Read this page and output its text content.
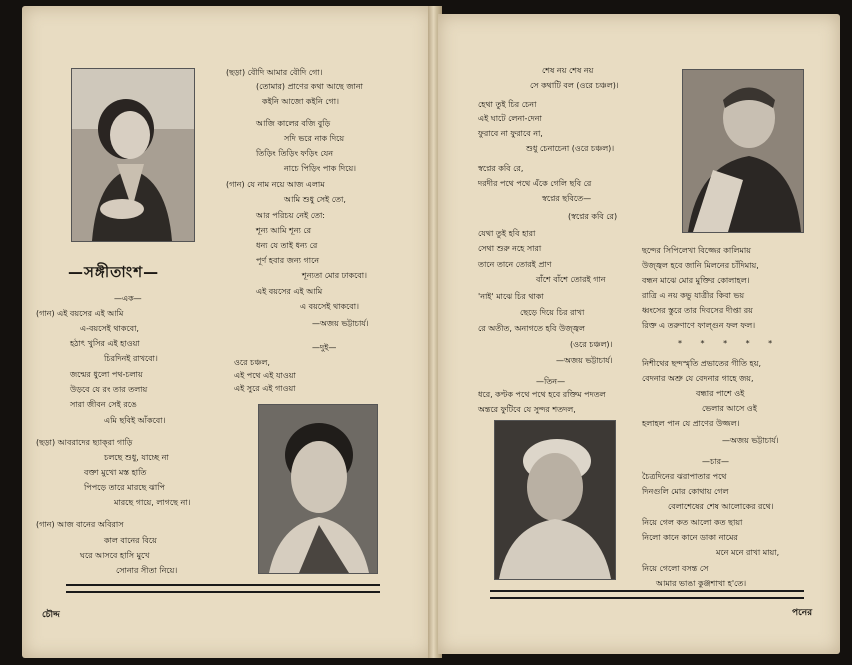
—সঙ্গীতাংশ—
(ছড়া) বৌদি আমার বৌদি গো।
(তোমার) প্রাণের কথা আছে জানা
কইনি আজো কইনি গো।
আজি কালের বজি বুড়ি
সদি ভরে নাক দিয়ে
তিড়িং তিড়িং ফড়িং যেন
নাচে পিড়িং পাক দিয়ে।
(গান) যে নাম নয়ে আজ এলাম
আমি শুধু সেই তো,
আর পরিচয় নেই তো:
শূন্য আমি শূন্য রে
ধন্য যে তাই ধন্য রে
পূর্ণ হবার জন্য গানে
শূন্যতা মোর ঢাকবো।
এই বয়সের এই আমি
এ বয়সেই থাকবো।
—অজয় ভট্টাচার্য।
—এক—
(গান) এই বয়সের এই আমি
এ-বয়সেই থাকবো,
হঠাৎ খুসির এই হাওয়া
চিরদিনই রাখবো।
জন্মের ধুলো পথ-চলায়
উড়বে যে রং তার তলায়
সারা জীবন সেই রঙে
এমি ছবিই আঁকবো।
(ছড়া) আবরাদের ছ্যাক্‌রা গাড়ি
চলছে শুধু, যাচ্ছে না
বক্তা মুখো মস্ত হাতি
পিপড়ে তারে মারছে ঝাপি
মারছে গায়ে, লাগছে না।
(গান) আজ বানের অবিরাস
কাল বানের বিয়ে
ঘরে আসবে হাসি মুখে
সোনার সীতা নিয়ে।
—দুই—
ওরে চঞ্চল,
এই পথে এই যাওয়া
এই সুরে এই গাওয়া
চৌদ্দ
শেষ নয় শেষ নয়
সে কথাটি বল (ওরে চঞ্চল)।
হেথা তুই চির চেনা
এই ঘাটে লেনা-দেনা
ফুরাবে না ফুরাবে না,
শুধু চেনাচেনা (ওরে চঞ্চল)।
স্বপ্নের কবি রে,
দরদীর পথে পথে এঁকে গেলি ছবি রে
স্বপ্নের ছবিতে—
(স্বপ্নের কবি রে)
যেথা তুই হবি হারা
সেথা শুরু নহে সারা
তানে তানে তোরই প্রাণ
বাঁশে বাঁশে তোরই গান
'নাই' মাঝে চির থাকা
ছেড়ে দিয়ে চির রাখা
রে অতীত, অনাগতে হবি উজ্জ্বল
(ওরে চঞ্চল)।
—অজয় ভট্টাচার্য।
—তিন—
ধরে, কণ্টক পথে পথে হবে রক্তিম পদতল
অন্তরে ফুটিবে যে সুন্দর শতদল,
ছন্দের সিপিলেখা বিজ্জের কালিমায়
উজ্জ্বল হবে জানি মিলনের চাঁদিমায়,
বন্ধন মাঝে মোর মুক্তির কোলাহল।
রাত্রি এ নয় কভু যাত্রীর কিবা ভয়
ধ্বংসের স্তুরে তার দিবসের দীপ্তা রয়
রিক্ত এ তরুণাণে ফাল্গুন ফল ফল।
* * * * *
নিশীথের ছন্দস্মৃতি প্রভাতের গীতি হয়,
বেদনার অশ্রু যে বেদনার গাহে জয়,
বন্ধার পাশে ওই
ভেলার আসে ওই
হলাহল পান যে প্রাণের উজ্জল।
—অজয় ভট্টাচার্য।
—চার—
চৈত্রদিনের ঝরাপাতার পথে
দিনগুলি মোর কোথায় গেল
বেলাশেষের শেষ আলোকের রথে।
নিয়ে গেল কত আলো কত ছায়া
নিলো কানে কানে ডাকা নামের
মনে মনে রাখা মায়া,
নিয়ে গেলো বসন্ত সে
আমার ভাঙা কুঞ্জশাখা হ'তে।
পনের
